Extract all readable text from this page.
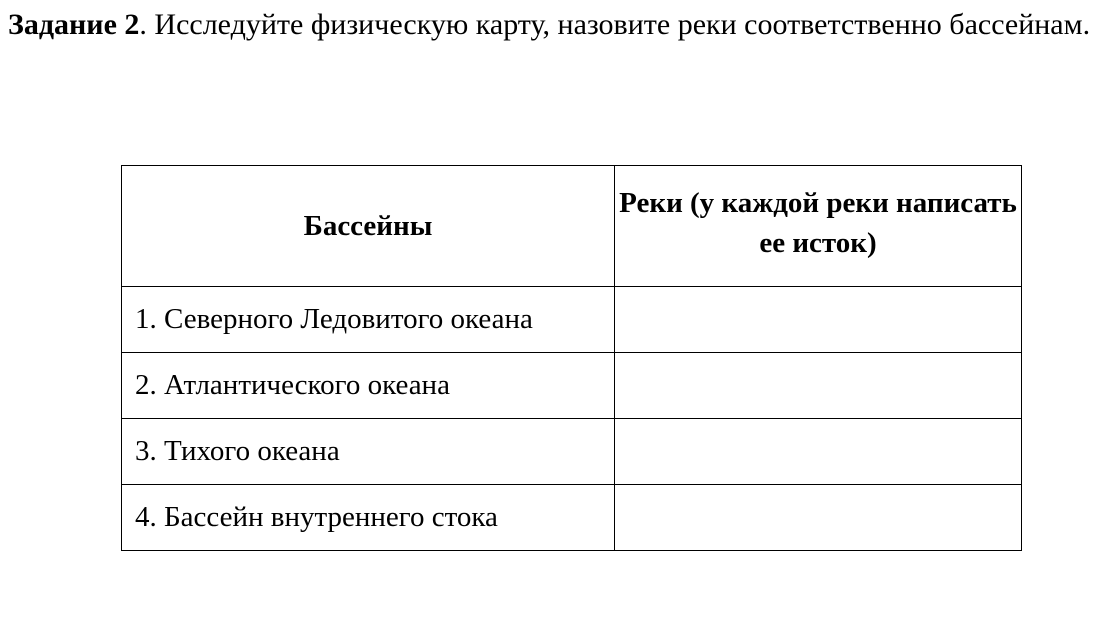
Задание 2. Исследуйте физическую карту, назовите реки соответственно бассейнам.

Бассейны	Реки (у каждой реки написать ее исток)
1. Северного Ледовитого океана	
2. Атлантического океана	
3. Тихого океана	
4. Бассейн внутреннего стока	
